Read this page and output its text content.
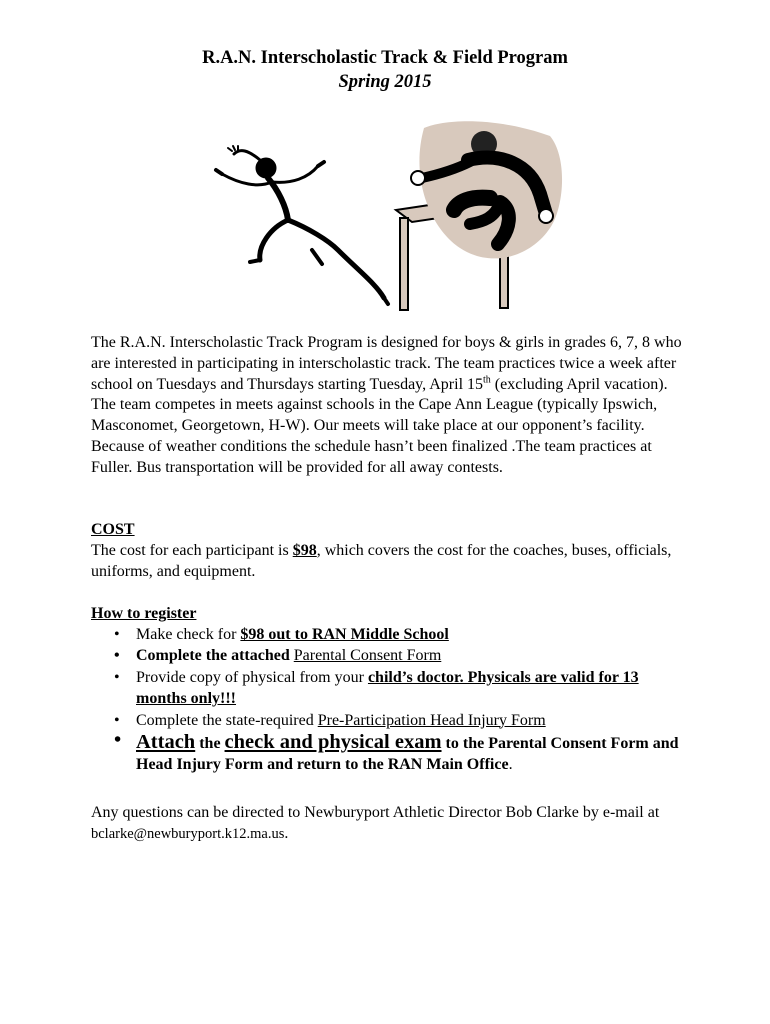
R.A.N. Interscholastic Track & Field Program
Spring 2015
The R.A.N. Interscholastic Track Program is designed for boys & girls in grades 6, 7, 8 who are interested in participating in interscholastic track. The team practices twice a week after school on Tuesdays and Thursdays starting Tuesday, April 15th (excluding April vacation). The team competes in meets against schools in the Cape Ann League (typically Ipswich, Masconomet, Georgetown, H-W). Our meets will take place at our opponent’s facility. Because of weather conditions the schedule hasn’t been finalized .The team practices at Fuller. Bus transportation will be provided for all away contests.
COST
The cost for each participant is $98, which covers the cost for the coaches, buses, officials, uniforms, and equipment.
How to register
• Make check for $98 out to RAN Middle School
• Complete the attached Parental Consent Form
• Provide copy of physical from your child’s doctor. Physicals are valid for 13 months only!!!
• Complete the state-required Pre-Participation Head Injury Form
• Attach the check and physical exam to the Parental Consent Form and Head Injury Form and return to the RAN Main Office.
Any questions can be directed to Newburyport Athletic Director Bob Clarke by e-mail at bclarke@newburyport.k12.ma.us.
